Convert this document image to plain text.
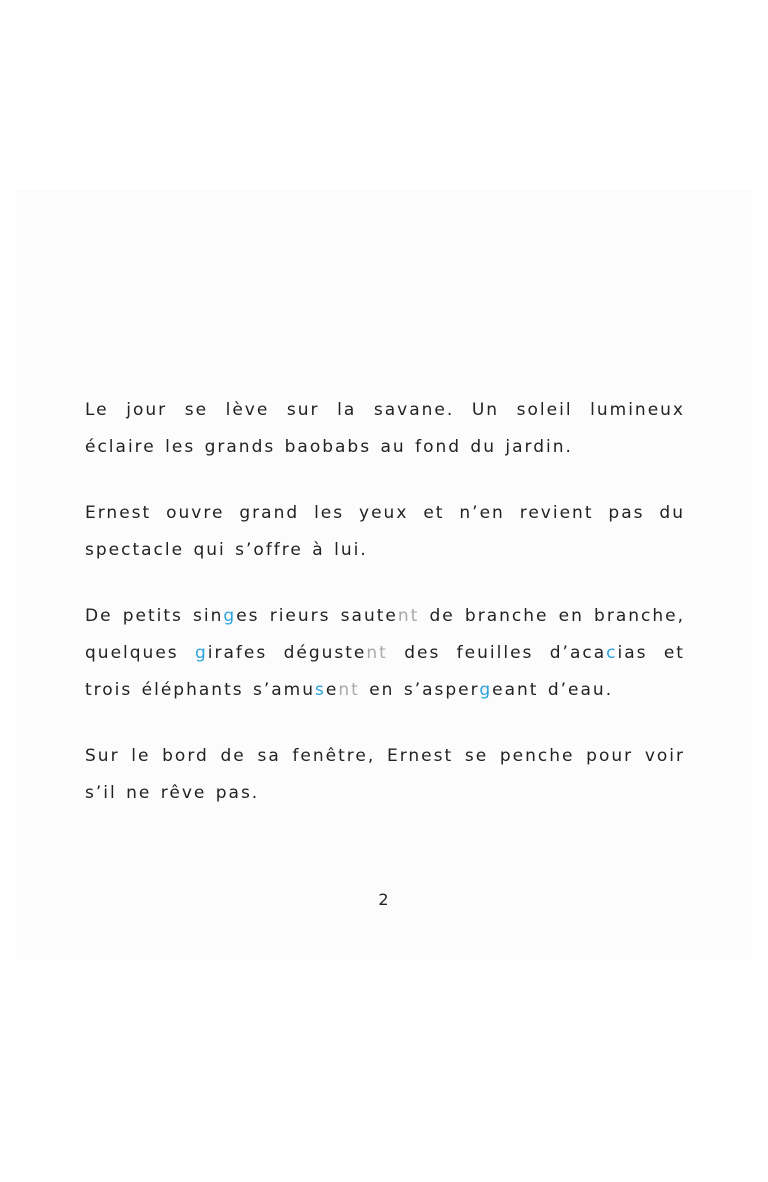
Le jour se lève sur la savane. Un soleil lumineux éclaire les grands baobabs au fond du jardin.

Ernest ouvre grand les yeux et n’en revient pas du spectacle qui s’offre à lui.

De petits singes rieurs sautent de branche en branche, quelques girafes dégustent des feuilles d’acacias et trois éléphants s’amusent en s’aspergeant d’eau.

Sur le bord de sa fenêtre, Ernest se penche pour voir s’il ne rêve pas.

2
